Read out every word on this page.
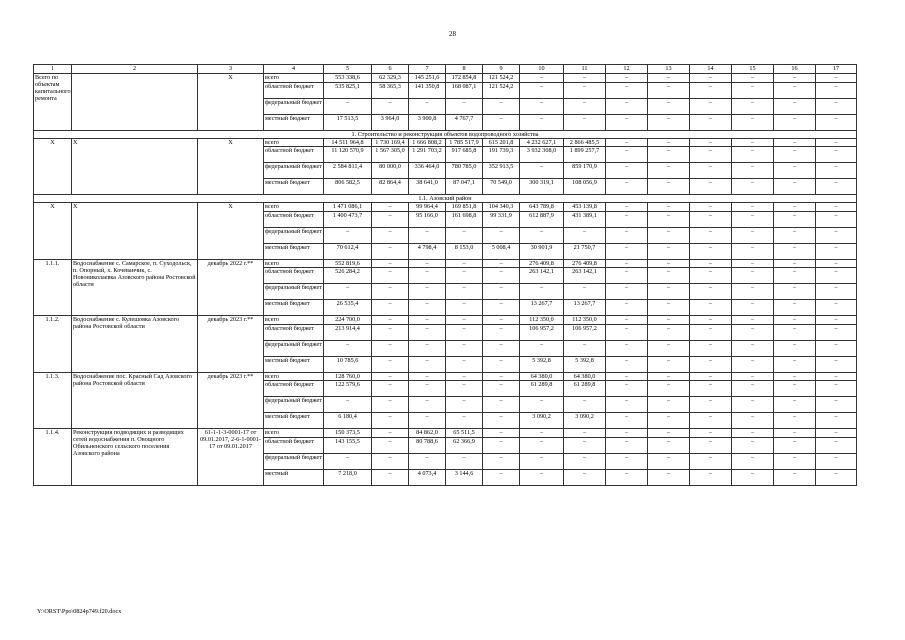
28
1	2	3	4	5	6	7	8	9	10	11	12	13	14	15	16	17
Всего по объектам капитального ремонта		X	всего	553 338,6	62 329,3	145 251,6	172 854,8	121 524,2	–	–	–	–	–	–	–	–
			областной бюджет	535 825,1	58 365,3	141 350,8	168 087,1	121 524,2	–	–	–	–	–	–	–	–
			федеральный бюджет	–	–	–	–	–	–	–	–	–	–	–	–	–
			местный бюджет	17 513,5	3 964,0	3 900,8	4 767,7	–	–	–	–	–	–	–	–	–
1. Строительство и реконструкция объектов водопроводного хозяйства																
X	X	X	всего	14 511 964,8	1 730 169,4	1 666 808,2	1 785 517,9	615 201,8	4 232 627,1	2 866 485,5	–	–	–	–	–	–
			областной бюджет	11 120 570,9	1 567 305,0	1 291 703,2	917 685,8	191 739,3	3 932 308,0	1 899 257,7	–	–	–	–	–	–
			федеральный бюджет	2 584 811,4	80 000,0	336 464,0	780 785,0	352 913,5	–	859 170,9	–	–	–	–	–	–
			местный бюджет	806 582,5	82 864,4	38 641,0	87 047,1	70 549,0	300 319,1	108 056,9	–	–	–	–	–	–
1.1. Азовский район																
X	X	X	всего	1 471 086,1	–	99 964,4	169 851,8	104 340,3	643 789,8	453 139,8	–	–	–	–	–	–
			областной бюджет	1 400 473,7	–	95 166,0	161 698,8	99 331,9	612 887,9	431 389,1	–	–	–	–	–	–
			федеральный бюджет	–	–	–	–	–	–	–	–	–	–	–	–	–
			местный бюджет	70 612,4	–	4 798,4	8 153,0	5 008,4	30 901,9	21 750,7	–	–	–	–	–	–
1.1.1.	Водоснабжение с. Самарское, п. Суходольск, п. Опорный, х. Кочеванчик, с. Новониколаевка Азовского района Ростовской области	декабрь 2022 г.**	всего	552 819,6	–	–	–	–	276 409,8	276 409,8	–	–	–	–	–	–
			областной бюджет	526 284,2	–	–	–	–	263 142,1	263 142,1	–	–	–	–	–	–
			федеральный бюджет	–	–	–	–	–	–	–	–	–	–	–	–	–
			местный бюджет	26 535,4	–	–	–	–	13 267,7	13 267,7	–	–	–	–	–	–
1.1.2.	Водоснабжение с. Кулешовка Азовского района Ростовской области	декабрь 2023 г.**	всего	224 700,0	–	–	–	–	112 350,0	112 350,0	–	–	–	–	–	–
			областной бюджет	213 914,4	–	–	–	–	106 957,2	106 957,2	–	–	–	–	–	–
			федеральный бюджет	–	–	–	–	–	–	–	–	–	–	–	–	–
			местный бюджет	10 785,6	–	–	–	–	5 392,8	5 392,8	–	–	–	–	–	–
1.1.3.	Водоснабжение пос. Красный Сад Азовского района Ростовской области	декабрь 2023 г.**	всего	128 760,0	–	–	–	–	64 380,0	64 380,0	–	–	–	–	–	–
			областной бюджет	122 579,6	–	–	–	–	61 289,8	61 289,8	–	–	–	–	–	–
			федеральный бюджет	–	–	–	–	–	–	–	–	–	–	–	–	–
			местный бюджет	6 180,4	–	–	–	–	3 090,2	3 090,2	–	–	–	–	–	–
1.1.4.	Реконструкция подводящих и разводящих сетей водоснабжения п. Овощного Обильненского сельского поселения Азовского района	61-1-1-3-0001-17 от 09.01.2017, 2-6-1-0001-17 от 09.01.2017	всего	150 373,5	–	84 862,0	65 511,5	–	–	–	–	–	–	–	–	–
			областной бюджет	143 155,5	–	80 788,6	62 366,9	–	–	–	–	–	–	–	–	–
			федеральный бюджет	–	–	–	–	–	–	–	–	–	–	–	–	–
			местный	7 218,0	–	4 073,4	3 144,6	–	–	–	–	–	–	–	–	–
Y:\ORST\Ppo\0824p749.f20.docx
